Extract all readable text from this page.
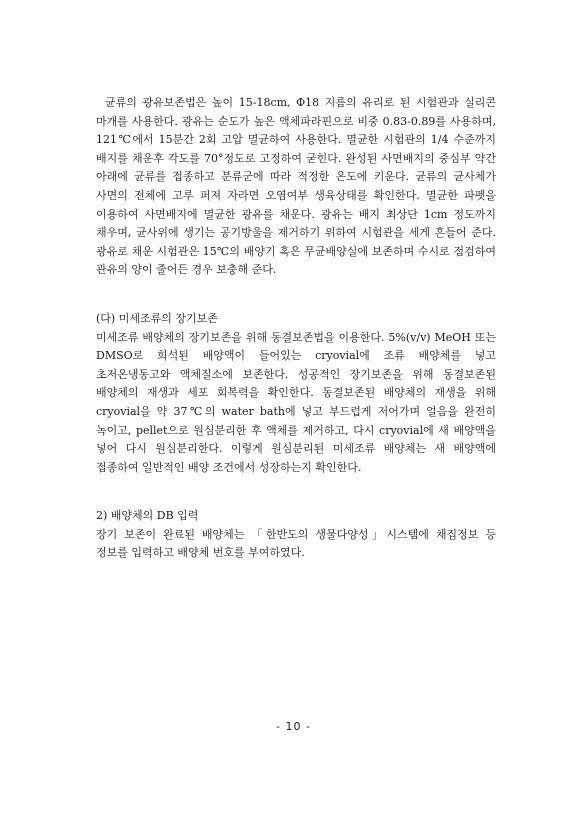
균류의 광유보존법은 높이 15-18cm, Φ18 지름의 유리로 된 시험관과 실리콘 마개를 사용한다. 광유는 순도가 높은 액체파라핀으로 비중 0.83-0.89를 사용하며, 121℃에서 15분간 2회 고압 멸균하여 사용한다. 멸균한 시험관의 1/4 수준까지 배지를 채운후 각도를 70°정도로 고정하여 굳힌다. 완성된 사면배지의 중심부 약간 아래에 균류를 접종하고 분류군에 따라 적정한 온도에 키운다. 균류의 균사체가 사면의 전체에 고루 퍼져 자라면 오염여부 생육상태를 확인한다. 멸균한 파펫을 이용하여 사면배지에 멸균한 광유를 채운다. 광유는 배지 최상단 1cm 정도까지 채우며, 균사위에 생기는 공기방울을 제거하기 위하여 시험관을 세게 흔들어 준다. 광유로 채운 시험관은 15℃의 배양기 혹은 무균배양실에 보존하며 수시로 점검하여 관유의 양이 줄어든 경우 보충해 준다.

(다) 미세조류의 장기보존

미세조류 배양체의 장기보존을 위해 동결보존법을 이용한다. 5%(v/v) MeOH 또는 DMSO로 희석된 배양액이 들어있는 cryovial에 조류 배양체를 넣고 초저온냉동고와 액체질소에 보존한다. 성공적인 장기보존을 위해 동결보존된 배양체의 재생과 세포 회복력을 확인한다. 동결보존된 배양체의 재생을 위해 cryovial을 약 37℃의 water bath에 넣고 부드럽게 저어가며 얼음을 완전히 녹이고, pellet으로 원심분리한 후 액체를 제거하고, 다시 cryovial에 새 배양액을 넣어 다시 원심분리한다. 이렇게 원심분리된 미세조류 배양체는 새 배양액에 접종하여 일반적인 배양 조건에서 성장하는지 확인한다.

2) 배양체의 DB 입력

장기 보존이 완료된 배양체는 「한반도의 생물다양성」시스템에 채집정보 등 정보를 입력하고 배양체 번호를 부여하였다.

- 10 -
